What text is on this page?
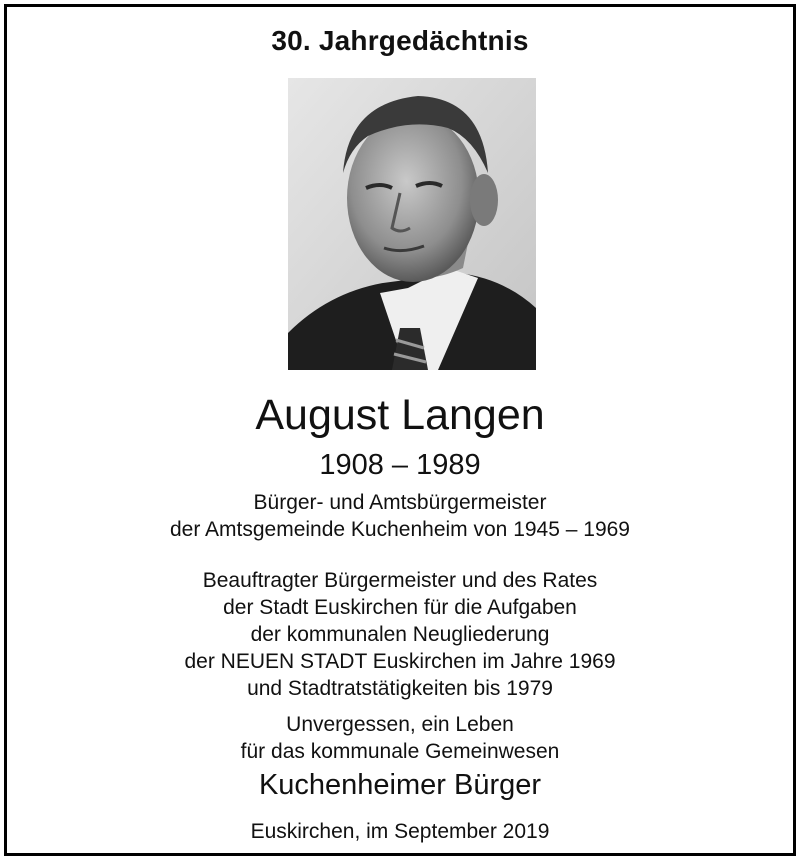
30. Jahrgedächtnis
August Langen
1908 – 1989
Bürger- und Amtsbürgermeister
der Amtsgemeinde Kuchenheim von 1945 – 1969
Beauftragter Bürgermeister und des Rates
der Stadt Euskirchen für die Aufgaben
der kommunalen Neugliederung
der NEUEN STADT Euskirchen im Jahre 1969
und Stadtratstätigkeiten bis 1979
Unvergessen, ein Leben
für das kommunale Gemeinwesen
Kuchenheimer Bürger
Euskirchen, im September 2019
